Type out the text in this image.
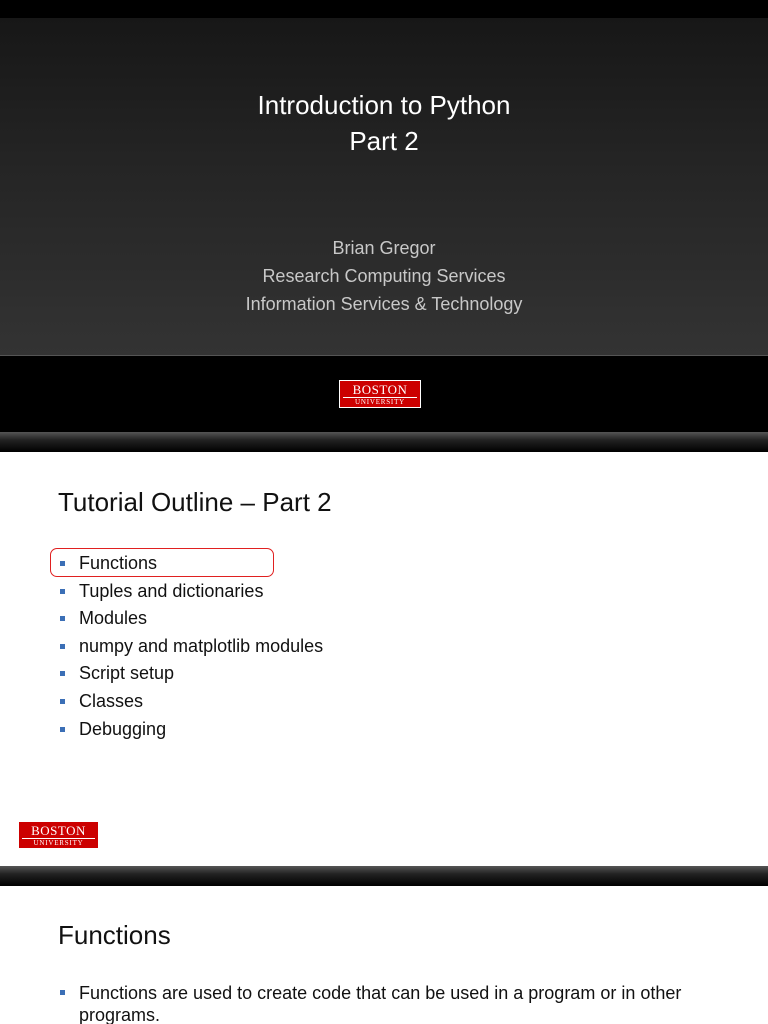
Introduction to Python
Part 2
Brian Gregor
Research Computing Services
Information Services & Technology
BOSTON
UNIVERSITY
Tutorial Outline – Part 2
Functions
Tuples and dictionaries
Modules
numpy and matplotlib modules
Script setup
Classes
Debugging
BOSTON
UNIVERSITY
Functions
Functions are used to create code that can be used in a program or in other programs.
